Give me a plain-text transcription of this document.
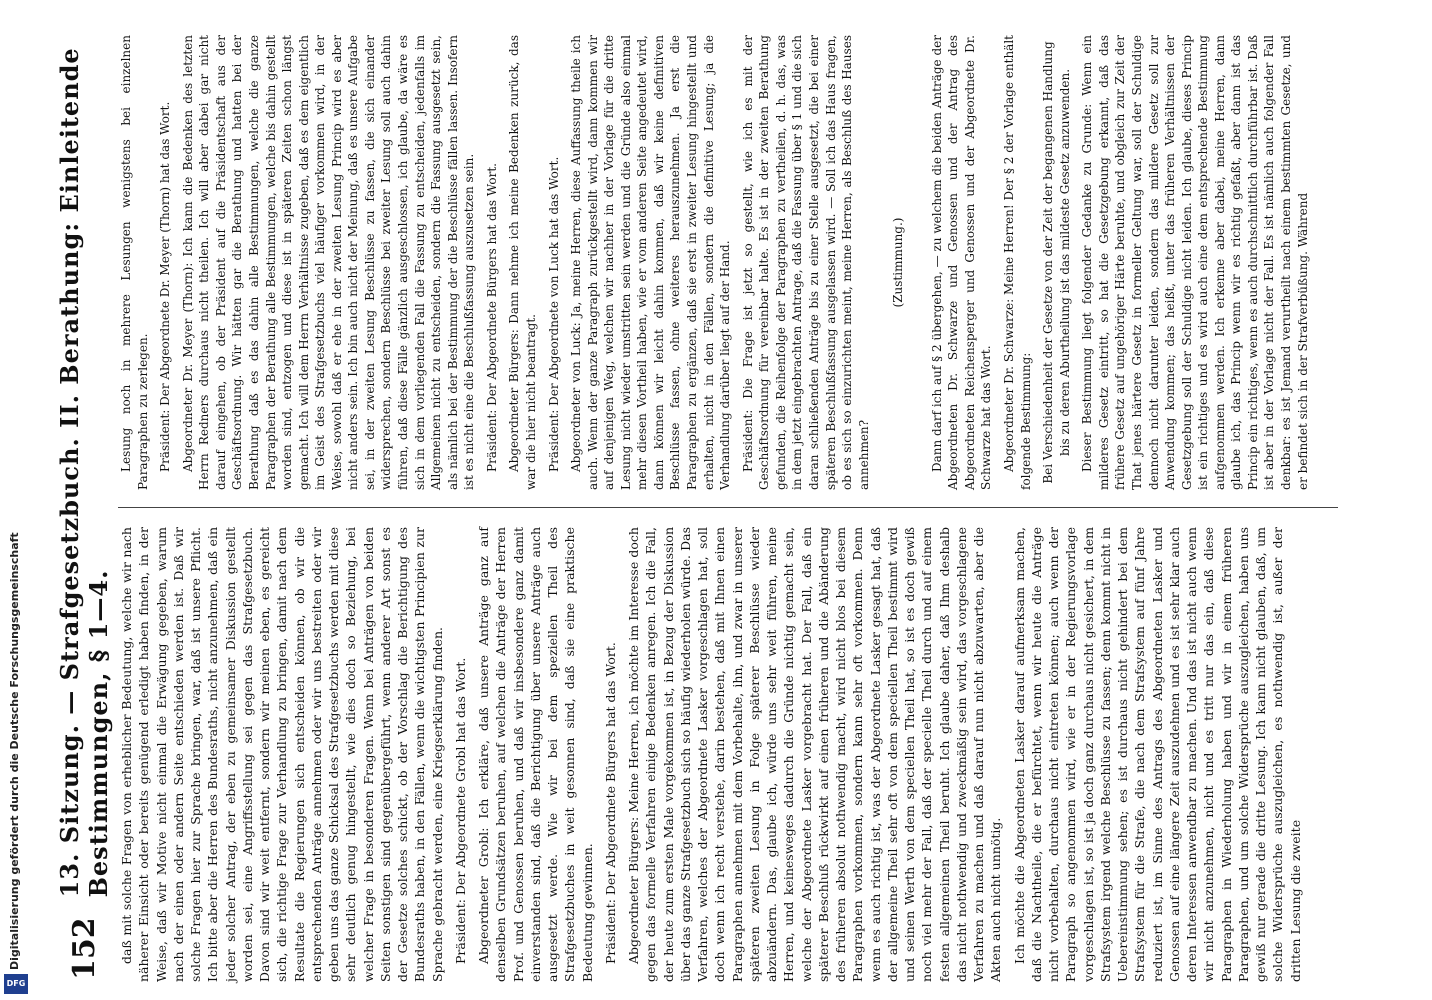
152
13. Sitzung. — Strafgesetzbuch. II. Berathung: Einleitende Bestimmungen, § 1—4. daß mit solche Fragen von erheblicher Bedeutung, welche wir nach näherer Einsicht oder bereits genügend erledigt haben finden, in der Weise, daß wir Motive nicht einmal die Erwägung gegeben, warum nach der einen oder andern Seite entschieden werden ist. Daß wir solche Fragen hier zur Sprache bringen, war, daß ist unsere Pflicht. Ich bitte aber die Herren des Bundesraths, nicht anzunehmen, daß ein jeder solcher Antrag, der eben zu gemeinsamer Diskussion gestellt worden sei, eine Angriffsstellung sei gegen das Strafgesetzbuch. Davon sind wir weit entfernt, sondern wir meinen eben, es gereicht sich, die richtige Frage zur Verhandlung zu bringen, damit nach dem Resultate die Regierungen sich entscheiden können, ob wir die entsprechenden Anträge annehmen oder wir uns bestreiten oder wir geben uns das ganze Schicksal des Strafgesetzbuchs werden mit diese sehr deutlich genug hingestellt, wie dies doch so Beziehung, bei welcher Frage in besonderen Fragen. Wenn bei Anträgen von beiden Seiten sonstigen sind gegenübergeführt, wenn anderer Art sonst es der Gesetze solches schickt, ob der Vorschlag die Berichtigung des Bundesraths haben, in den Fällen, wenn die wichtigsten Principien zur Sprache gebracht werden, eine Kriegserklärung finden. Präsident: Der Abgeordnete Grobl hat das Wort. Abgeordneter Grobl: Ich erkläre, daß unsere Anträge ganz auf denselben Grundsätzen beruhen, auf welchen die Anträge der Herren Prof. und Genossen beruhen, und daß wir insbesondere ganz damit einverstanden sind, daß die Berichtigung über unsere Anträge auch ausgesetzt werde. Wie wir bei dem speziellen Theil des Strafgesetzbuches in weit gesonnen sind, daß sie eine praktische Bedeutung gewinnen. Präsident: Der Abgeordnete Bürgers hat das Wort. Abgeordneter Bürgers: Meine Herren, ich möchte im Interesse doch gegen das formelle Verfahren einige Bedenken anregen. Ich die Fall, der heute zum ersten Male vorgekommen ist, in Bezug der Diskussion über das ganze Strafgesetzbuch sich so häufig wiederholen würde. Das Verfahren, welches der Abgeordnete Lasker vorgeschlagen hat, soll doch wenn ich recht verstehe, darin bestehen, daß mit Ihnen einen Paragraphen annehmen mit dem Vorbehalte, ihn, und zwar in unserer späteren zweiten Lesung in Folge späterer Beschlüsse wieder abzuändern. Das, glaube ich, würde uns sehr weit führen, meine Herren, und keinesweges dadurch die Gründe nichtig gemacht sein, welche der Abgeordnete Lasker vorgebracht hat. Der Fall, daß ein späterer Beschluß rückwirkt auf einen früheren und die Abänderung des früheren absolut nothwendig macht, wird nicht blos bei diesem Paragraphen vorkommen, sondern kann sehr oft vorkommen. Denn wenn es auch richtig ist, was der Abgeordnete Lasker gesagt hat, daß der allgemeine Theil sehr oft von dem speciellen Theil bestimmt wird und seinen Werth von dem speciellen Theil hat, so ist es doch gewiß noch viel mehr der Fall, daß der specielle Theil durch und auf einem festen allgemeinen Theil beruht. Ich glaube daher, daß Ihm deshalb das nicht nothwendig und zweckmäßig sein wird, das vorgeschlagene Verfahren zu machen und daß darauf nun nicht abzuwarten, aber die Akten auch nicht unnötig. Ich möchte die Abgeordneten Lasker darauf aufmerksam machen, daß die Nachtheile, die er befürchtet, wenn wir heute die Anträge nicht vorbehalten, durchaus nicht eintreten können; auch wenn der Paragraph so angenommen wird, wie er in der Regierungsvorlage vorgeschlagen ist, so ist ja doch ganz durchaus nicht gesichert, in dem Strafsystem irgend welche Beschlüsse zu fassen; denn kommt nicht in Uebereinstimmung sehen; es ist durchaus nicht gehindert bei dem Strafsystem für die Strafe, die nach dem Strafsystem auf fünf Jahre reduziert ist, im Sinne des Antrags des Abgeordneten Lasker und Genossen auf eine längere Zeit auszudehnen und es ist sehr klar auch deren Interessen anwendbar zu machen. Und das ist nicht auch wenn wir nicht anzunehmen, nicht und es tritt nur das ein, daß diese Paragraphen in Wiederholung haben und wir in einem früheren Paragraphen, und um solche Widersprüche auszugleichen, haben uns gewiß nur gerade die dritte Lesung. Ich kann nicht glauben, daß, um solche Widersprüche auszugleichen, es nothwendig ist, außer der dritten Lesung die zweite

Lesung noch in mehrere Lesungen wenigstens bei einzelnen Paragraphen zu zerlegen. Präsident: Der Abgeordnete Dr. Meyer (Thorn) hat das Wort. Abgeordneter Dr. Meyer (Thorn): Ich kann die Bedenken des letzten Herrn Redners durchaus nicht theilen. Ich will aber dabei gar nicht darauf eingehen, ob der Präsident auf die Präsidentschaft aus der Geschäftsordnung. Wir hätten gar die Berathung und hatten bei der Berathung daß es das dahin alle Bestimmungen, welche die ganze Paragraphen der Berathung alle Bestimmungen, welche bis dahin gestellt worden sind, entzogen und diese ist in späteren Zeiten schon längst gemacht. Ich will dem Herrn Verhältnisse zugeben, daß es dem eigentlich im Geist des Strafgesetzbuchs viel häufiger vorkommen wird, in der Weise, sowohl daß er ehe in der zweiten Lesung Princip wird es aber nicht anders sein. Ich bin auch nicht der Meinung, daß es unsere Aufgabe sei, in der zweiten Lesung Beschlüsse zu fassen, die sich einander widersprechen, sondern Beschlüsse bei zweiter Lesung soll auch dahin führen, daß diese Fälle gänzlich ausgeschlossen, ich glaube, da wäre es sich in dem vorliegenden Fall die Fassung zu entscheiden, jedenfalls im Allgemeinen nicht zu entscheiden, sondern die Fassung ausgesetzt sein, als nämlich bei der Bestimmung der die Beschlüsse fällen lassen. Insofern ist es nicht eine die Beschlußfassung auszusetzen sein. Präsident: Der Abgeordnete Bürgers hat das Wort. Abgeordneter Bürgers: Dann nehme ich meine Bedenken zurück, das war die hier nicht beantragt. Präsident: Der Abgeordnete von Luck hat das Wort. Abgeordneter von Luck: Ja, meine Herren, diese Auffassung theile ich auch. Wenn der ganze Paragraph zurückgestellt wird, dann kommen wir auf denjenigen Weg, welchen wir nachher in der Vorlage für die dritte Lesung nicht wieder umstritten sein werden und die Gründe also einmal mehr diesen Vortheil haben, wie er vom anderen Seite angedeutet wird, dann können wir leicht dahin kommen, daß wir keine definitiven Beschlüsse fassen, ohne weiteres herauszunehmen. Ja erst die Paragraphen zu ergänzen, daß sie erst in zweiter Lesung hingestellt und erhalten, nicht in den Fällen, sondern die definitive Lesung; ja die Verhandlung darüber liegt auf der Hand. Präsident: Die Frage ist jetzt so gestellt, wie ich es mit der Geschäftsordnung für vereinbar halte. Es ist in der zweiten Berathung gefunden, die Reihenfolge der Paragraphen zu vertheilen, d. h. das, was in dem jetzt eingebrachten Antrage, daß die Fassung über § 1 und die sich daran schließenden Anträge bis zu einer Stelle ausgesetzt, die bei einer späteren Beschlußfassung ausgelassen wird. — Soll ich das Haus fragen, ob es sich so einzurichten meint, meine Herren, als Beschluß des Hauses annehmen?

(Zustimmung.) Dann darf ich auf § 2 übergehen, — zu welchem die beiden Anträge der Abgeordneten Dr. Schwarze und Genossen und der Antrag des Abgeordneten Reichensperger und Genossen und der Abgeordnete Dr. Schwarze hat das Wort. Abgeordneter Dr. Schwarze: Meine Herren! Der § 2 der Vorlage enthält folgende Bestimmung: Bei Verschiedenheit der Gesetze von der Zeit der begangenen Handlung bis zu deren Aburtheilung ist das mildeste Gesetz anzuwenden. Dieser Bestimmung liegt folgender Gedanke zu Grunde: Wenn ein milderes Gesetz eintritt, so hat die Gesetzgebung erkannt, daß das frühere Gesetz auf ungehöriger Härte beruhte, und obgleich zur Zeit der That jenes härtere Gesetz in formeller Geltung war, soll der Schuldige dennoch nicht darunter leiden, sondern das mildere Gesetz soll zur Anwendung kommen; das heißt, unter das früheren Verhältnissen der Gesetzgebung soll der Schuldige nicht leiden. Ich glaube, dieses Princip ist ein richtiges und es wird auch eine dem entsprechende Bestimmung aufgenommen werden. Ich erkenne aber dabei, meine Herren, dann glaube ich, das Princip wenn wir es richtig gefaßt, aber dann ist das Princip ein richtiges, wenn es auch durchschnittlich durchführbar ist. Daß ist aber in der Vorlage nicht der Fall. Es ist nämlich auch folgender Fall denkbar: es ist Jemand verurtheilt nach einem bestimmten Gesetze, und er befindet sich in der Strafverbüßung. Während

Digitalisierung gefördert durch die Deutsche Forschungsgemeinschaft
DFG
